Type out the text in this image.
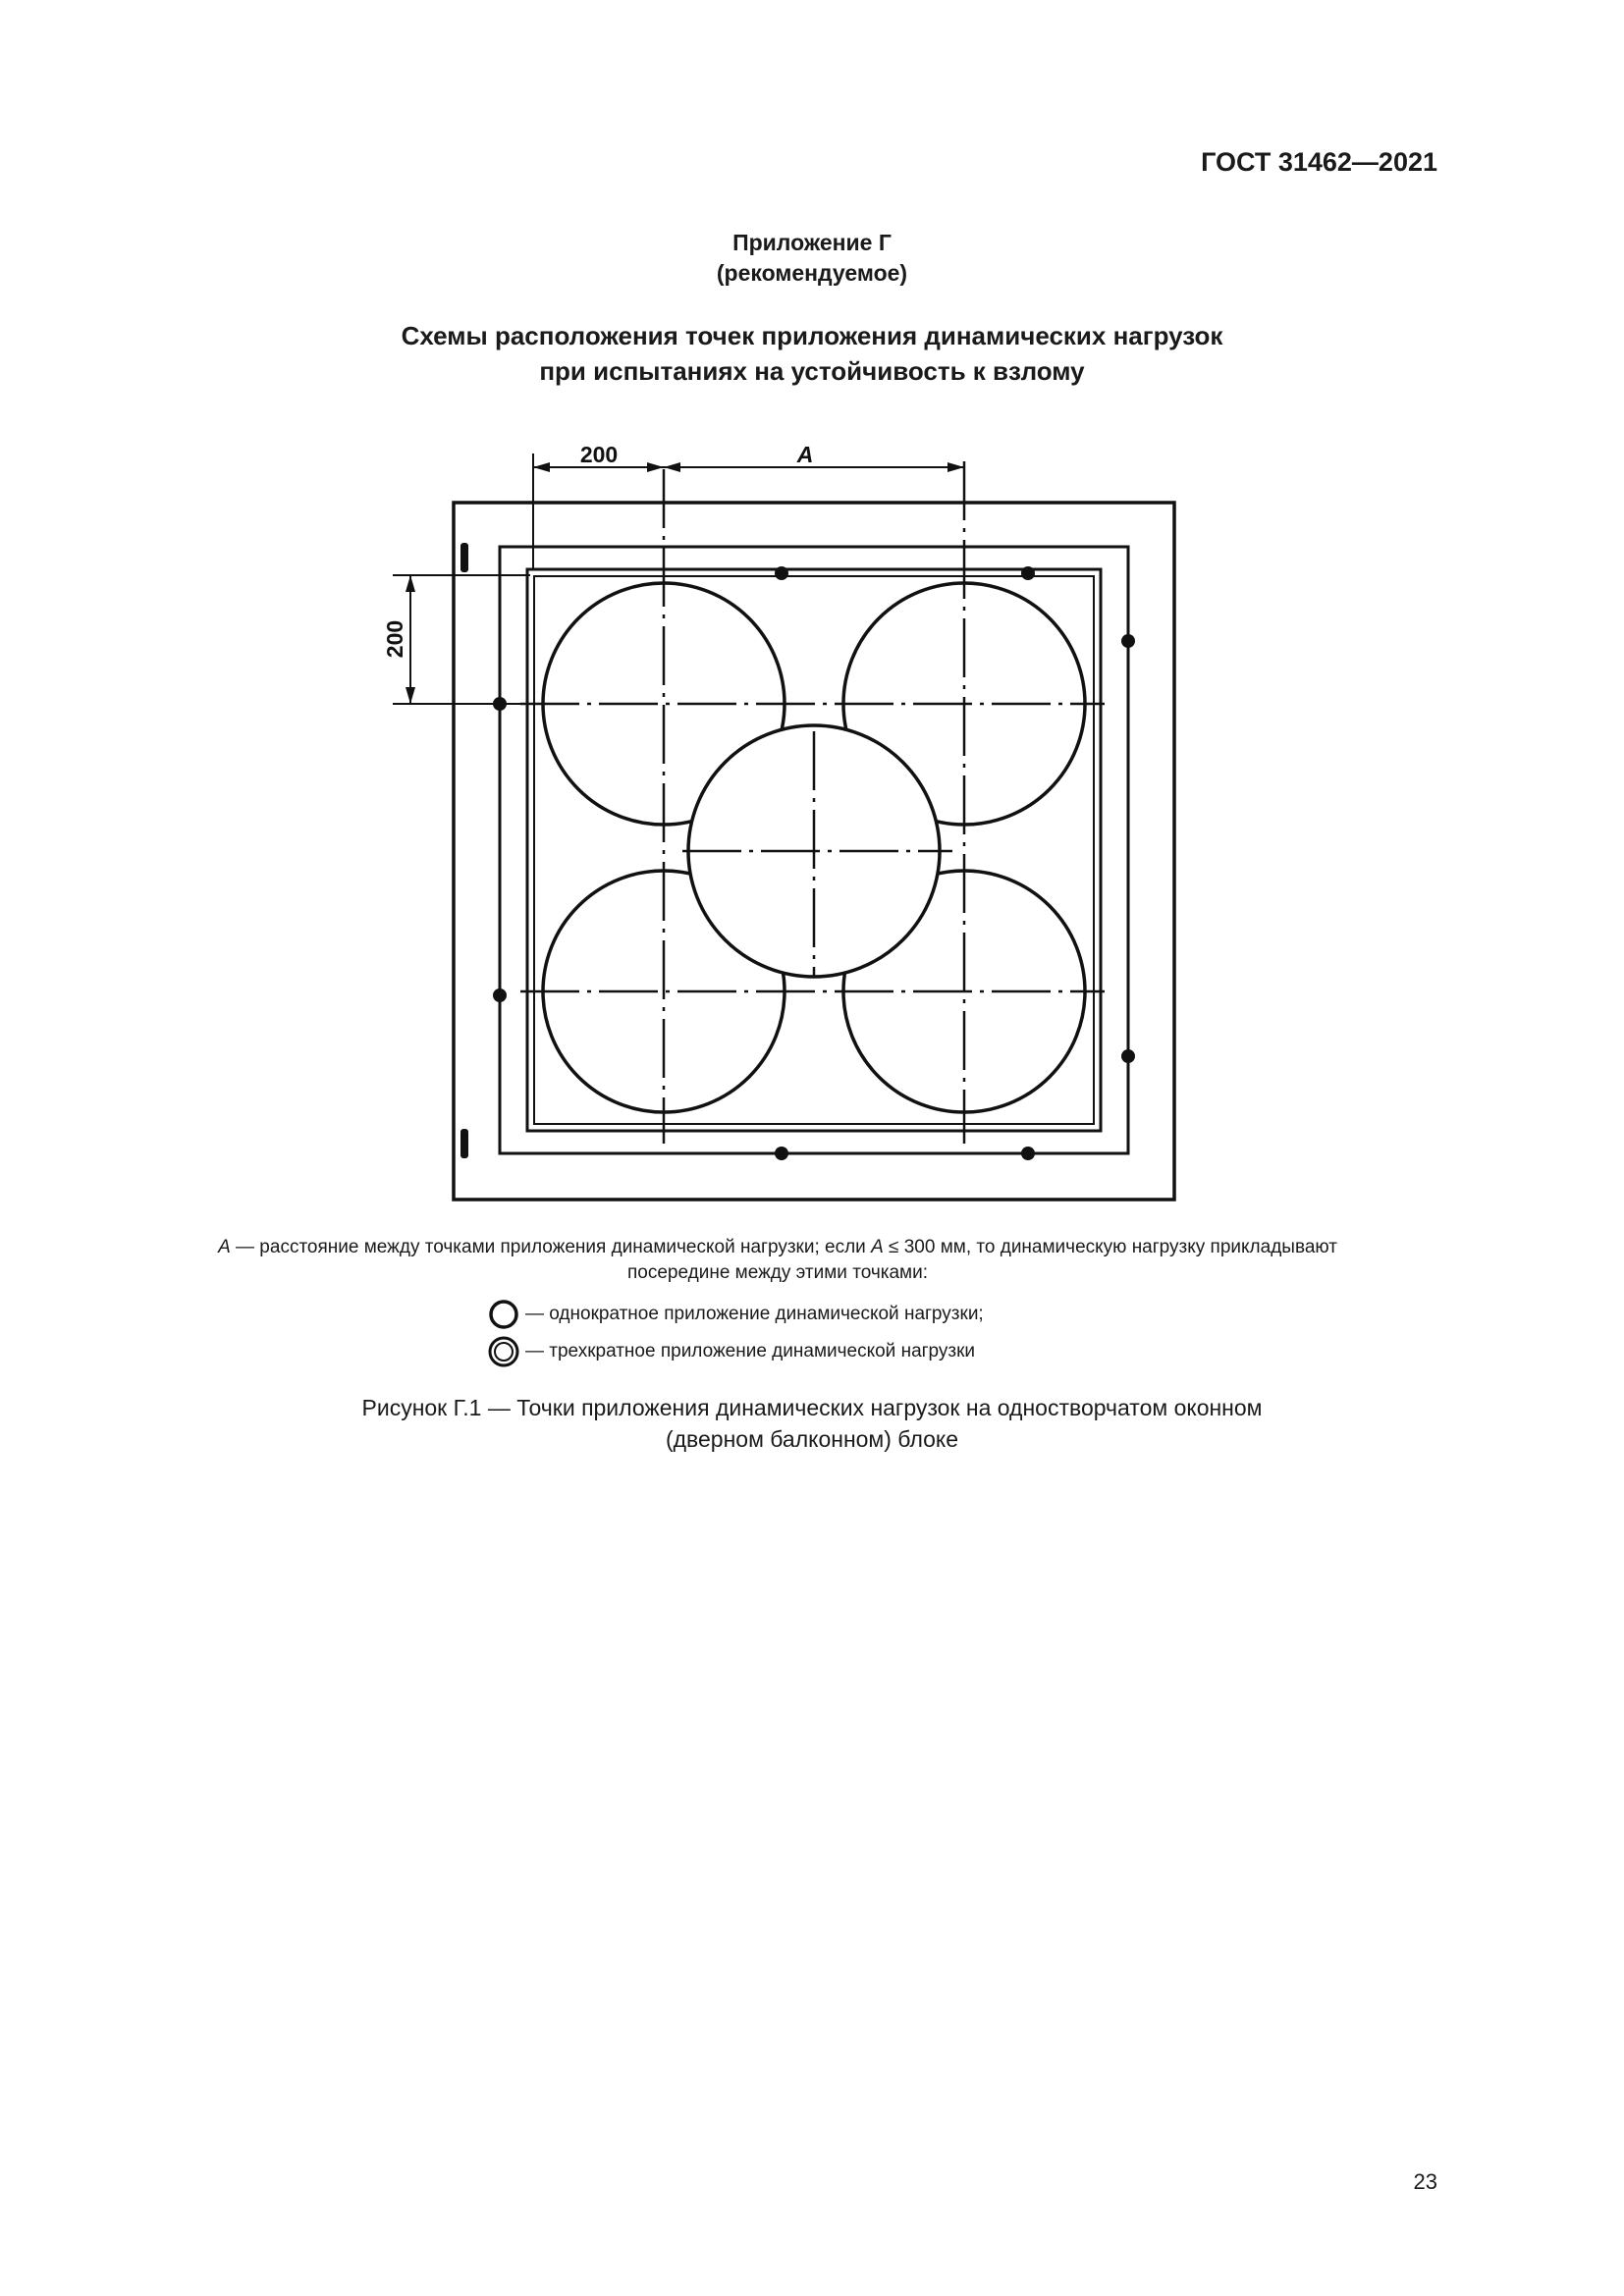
ГОСТ 31462—2021
Приложение Г
(рекомендуемое)
Схемы расположения точек приложения динамических нагрузок
при испытаниях на устойчивость к взлому
200	A
200
A — расстояние между точками приложения динамической нагрузки; если A ≤ 300 мм, то динамическую нагрузку прикладывают
посередине между этими точками:
— однократное приложение динамической нагрузки;
— трехкратное приложение динамической нагрузки
Рисунок Г.1 — Точки приложения динамических нагрузок на одностворчатом оконном
(дверном балконном) блоке
23
